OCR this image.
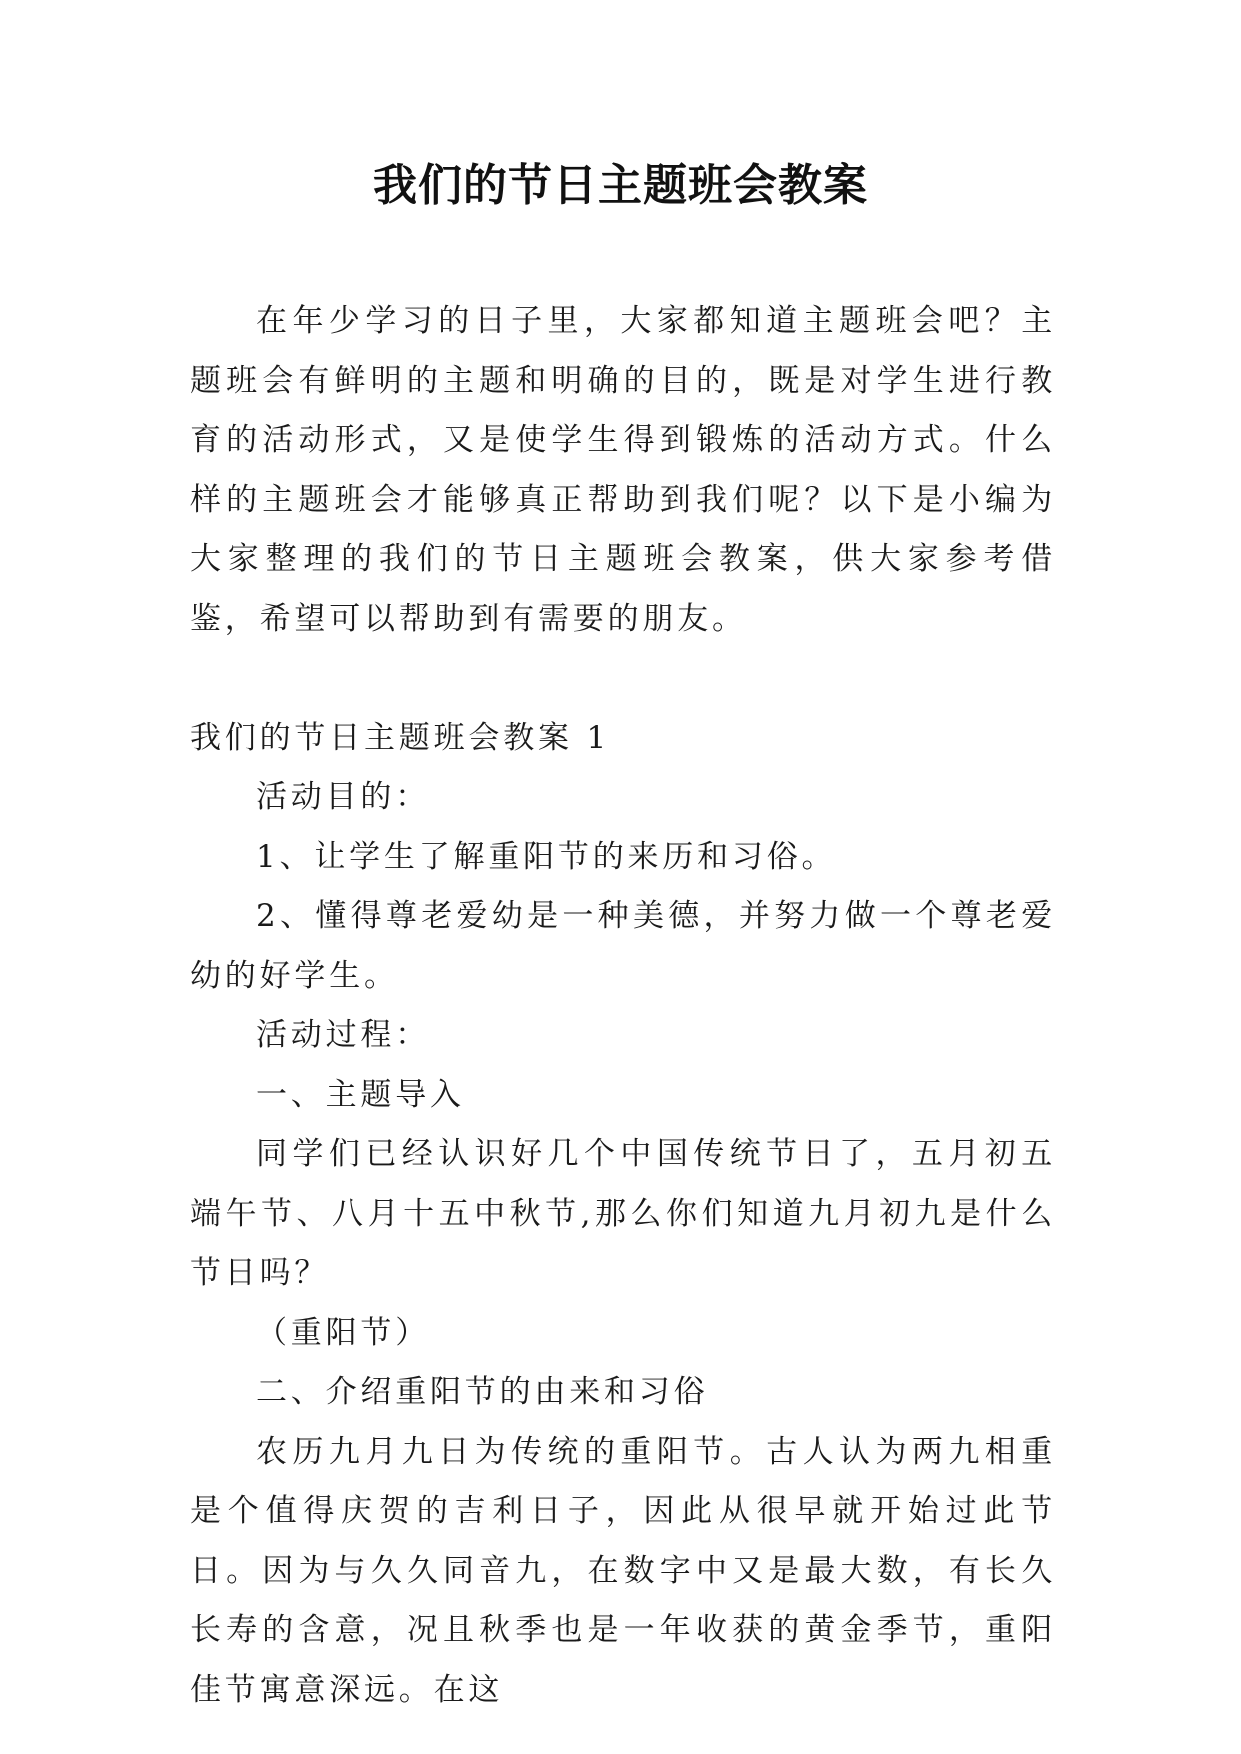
我们的节日主题班会教案

在年少学习的日子里，大家都知道主题班会吧？主题班会有鲜明的主题和明确的目的，既是对学生进行教育的活动形式，又是使学生得到锻炼的活动方式。什么样的主题班会才能够真正帮助到我们呢？以下是小编为大家整理的我们的节日主题班会教案，供大家参考借鉴，希望可以帮助到有需要的朋友。

我们的节日主题班会教案 1

活动目的：

1、让学生了解重阳节的来历和习俗。

2、懂得尊老爱幼是一种美德，并努力做一个尊老爱幼的好学生。

活动过程：

一、主题导入

同学们已经认识好几个中国传统节日了，五月初五端午节、八月十五中秋节,那么你们知道九月初九是什么节日吗？

（重阳节）

二、介绍重阳节的由来和习俗

农历九月九日为传统的重阳节。古人认为两九相重是个值得庆贺的吉利日子，因此从很早就开始过此节日。因为与久久同音九，在数字中又是最大数，有长久长寿的含意，况且秋季也是一年收获的黄金季节，重阳佳节寓意深远。在这
